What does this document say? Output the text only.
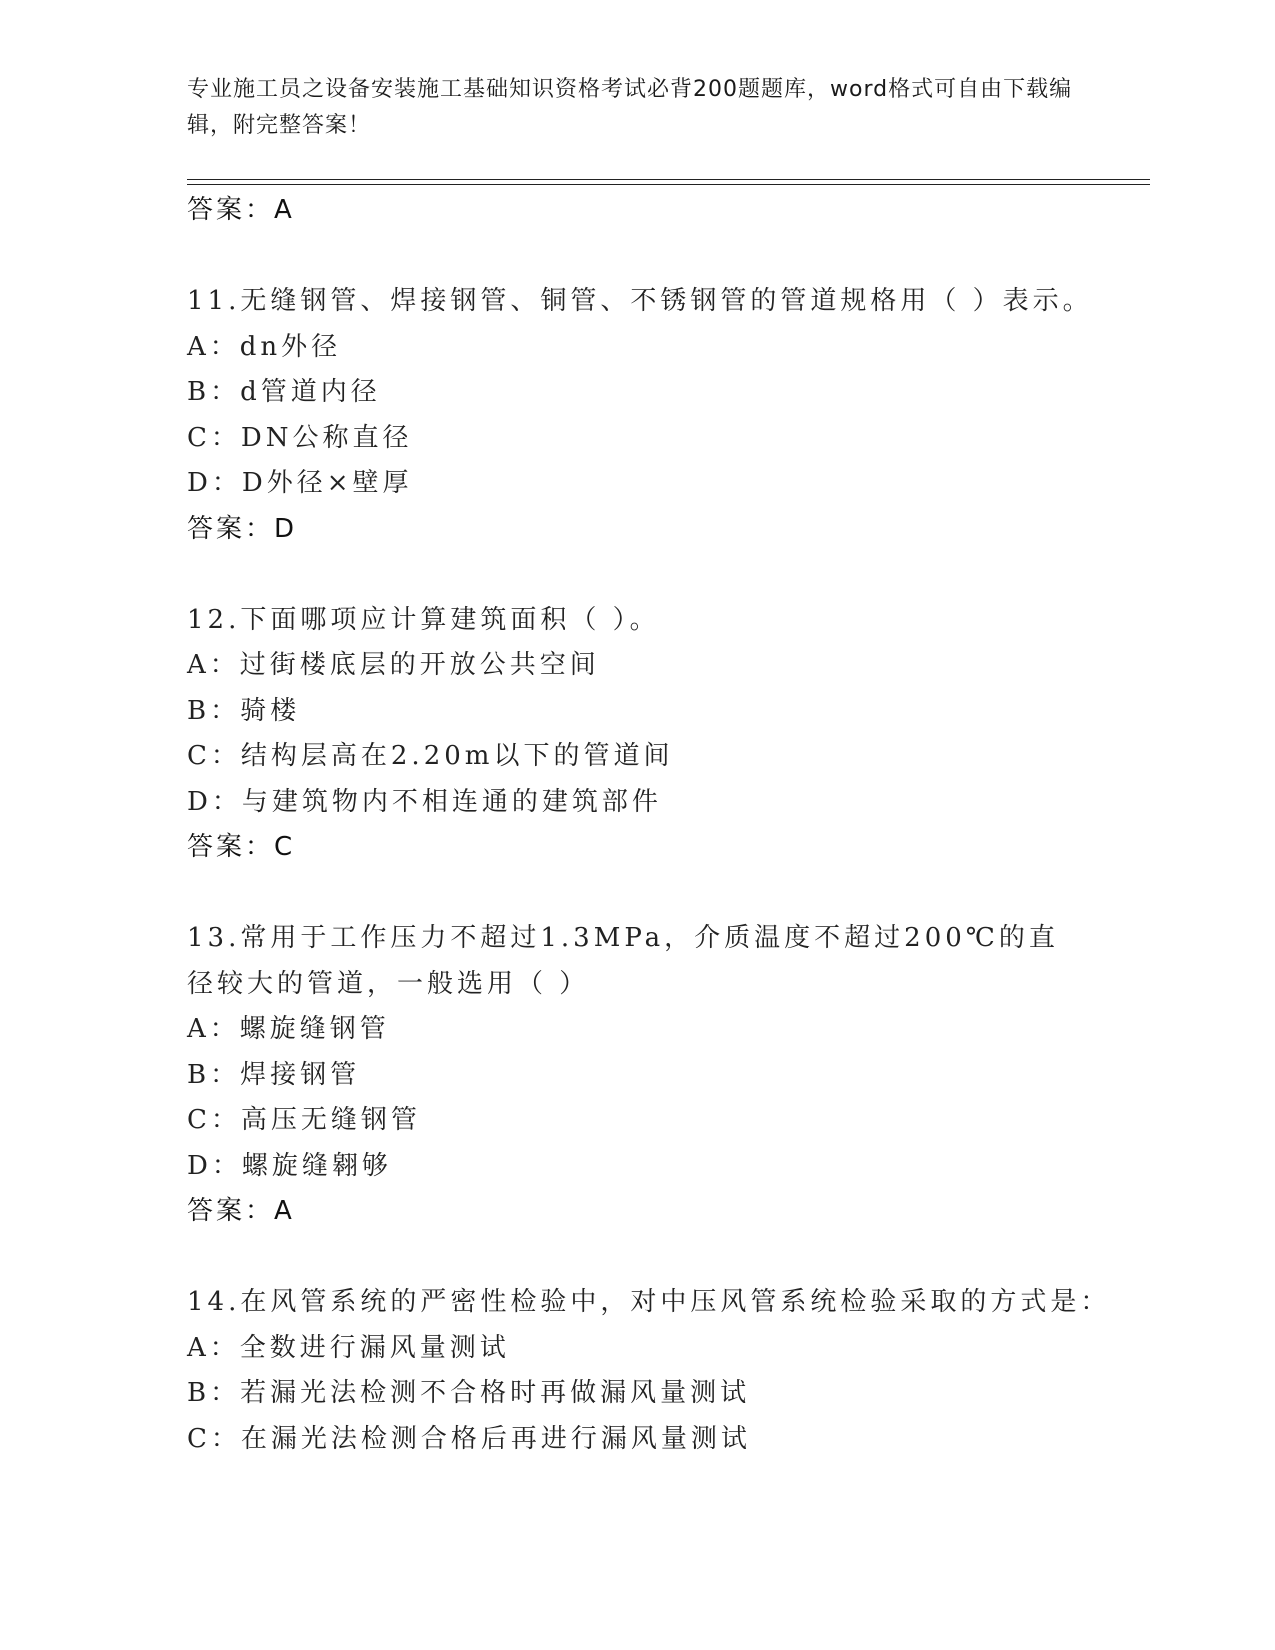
专业施工员之设备安装施工基础知识资格考试必背200题题库，word格式可自由下载编辑，附完整答案！
答案：A
11.无缝钢管、焊接钢管、铜管、不锈钢管的管道规格用（ ）表示。
A：dn外径
B：d管道内径
C：DN公称直径
D：D外径×壁厚
答案：D
12.下面哪项应计算建筑面积（ ）。
A：过街楼底层的开放公共空间
B：骑楼
C：结构层高在2.20m以下的管道间
D：与建筑物内不相连通的建筑部件
答案：C
13.常用于工作压力不超过1.3MPa，介质温度不超过200℃的直径较大的管道，一般选用（ ）
A：螺旋缝钢管
B：焊接钢管
C：高压无缝钢管
D：螺旋缝翱够
答案：A
14.在风管系统的严密性检验中，对中压风管系统检验采取的方式是：
A：全数进行漏风量测试
B：若漏光法检测不合格时再做漏风量测试
C：在漏光法检测合格后再进行漏风量测试
